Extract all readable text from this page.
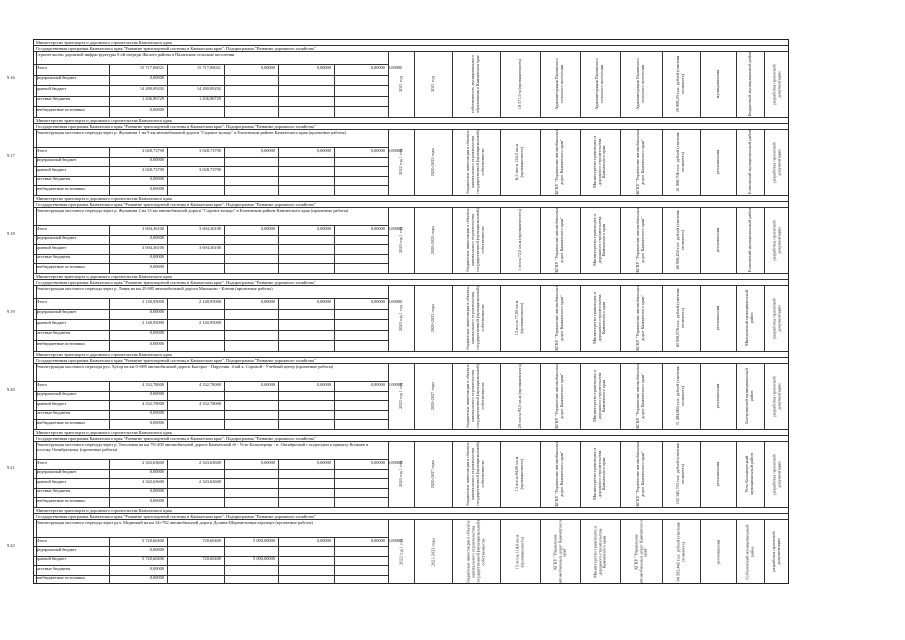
Министерство транспорта и дорожного строительства Камчатского края
Государственная программа Камчатского края "Развитие транспортной системы в Камчатском крае". Подпрограмма "Развитие дорожного хозяйства"
Строительство дорожной инфраструктуры 5-ой очереди Жилого района в Паланском сельском поселении
9.16
Итого	15 717,06021	15 717,06021	0,00000	0,00000	0,00000 0,00000
федеральный бюджет	0,00000
краевой бюджет	14 280,09292	14 280,09292
местные бюджеты	1 436,96729	1 436,96729
внебюджетные источники	0,00000
2021 год	2021 год	собственность муниципального образования в Камчатском крае	18 571,0 м (протяженность)	Администрация Паланского сельского поселения	Администрация Паланского сельского поселения	Администрация Паланского сельского поселения	29 908,29 тыс. рублей (сметная стоимость)	муниципальная	Бюджетный муниципальный район	разработка проектной документации
Министерство транспорта и дорожного строительства Камчатского края
Государственная программа Камчатского края "Развитие транспортной системы в Камчатском крае". Подпрограмма "Развитие дорожного хозяйства"
Реконструкция мостового перехода через р. Жупанова 1 на 9 км автомобильной дороги "Садовое кольцо" в Елизовском районе Камчатского края (проектные работы)
9.17
Итого	3 028,73790	3 028,73790	0,00000	0,00000	0,00000 0,00000
федеральный бюджет	0,00000
краевой бюджет	3 028,73790	3 028,73790
местные бюджеты	0,00000
внебюджетные источники	0,00000
2022 год 1 год	2020-2025 годы	бюджетные инвестиции в объекты капитального строительства государственной (муниципальной) собственности	6,5 пог.м 124,0 кв.м (протяженность)	КГКУ "Управление автомобильных дорог Камчатского края"	Министерство транспорта и дорожного строительства Камчатского края	КГКУ "Управление автомобильных дорог Камчатского края"	41 908,706 тыс. рублей (сметная стоимость)	региональная	Елизовский муниципальный район	разработка проектной документации
Министерство транспорта и дорожного строительства Камчатского края
Государственная программа Камчатского края "Развитие транспортной системы в Камчатском крае". Подпрограмма "Развитие дорожного хозяйства"
Реконструкция мостового перехода через р. Жупанова 2 на 13 км автомобильной дороги "Садовое кольцо" в Елизовском районе Камчатского края (проектные работы)
9.18
Итого	3 694,36100	3 694,36100	0,00000	0,00000	0,00000 0,00000
федеральный бюджет	0,00000
краевой бюджет	3 694,36100	3 694,36100
местные бюджеты	0,00000
внебюджетные источники	0,00000
2020 год 1 год	2020-2025 годы	бюджетные инвестиции в объекты капитального строительства государственной (муниципальной) собственности	1 пог.м 72,0 кв.м (протяженность)	КГКУ "Управление автомобильных дорог Камчатского края"	Министерство транспорта и дорожного строительства Камчатского края	КГКУ "Управление автомобильных дорог Камчатского края"	48 908,450 тыс. рублей (сметная стоимость)	региональная	Елизовский муниципальный район	разработка проектной документации
Министерство транспорта и дорожного строительства Камчатского края
Государственная программа Камчатского края "Развитие транспортной системы в Камчатском крае". Подпрограмма "Развитие дорожного хозяйства"
Реконструкция мостового перехода через р. Левая на км 29 685 автомобильной дороги Мильково - Ключи (проектные работы)
9.19
Итого	2 140,95000	2 140,95000	0,00000	0,00000	0,00000 0,00000
федеральный бюджет	0,00000
краевой бюджет	2 140,95000	2 140,95000
местные бюджеты	0,00000
внебюджетные источники	0,00000
2020 год 1 год	2020-2023 годы	бюджетные инвестиции в объекты капитального строительства государственной (муниципальной) собственности	13 пог.м 77,00 кв.м (протяженность)	КГКУ "Управление автомобильных дорог Камчатского края"	Министерство транспорта и дорожного строительства Камчатского края	КГКУ "Управление автомобильных дорог Камчатского края"	40 908,876 тыс. рублей (сметная стоимость)	региональная	Мильковский муниципальный район	разработка проектной документации
Министерство транспорта и дорожного строительства Камчатского края
Государственная программа Камчатского края "Развитие транспортной системы в Камчатском крае". Подпрограмма "Развитие дорожного хозяйства"
Реконструкция мостового перехода руч. Хутор на км 0+689 автомобильной дороги Быстрое - Парусник. 4-ый к. Соровой - Учебный центр (проектные работы)
9.20
Итого	4 332,78000	4 332,78000	0,00000	0,00000	0,00000 0,00000
федеральный бюджет	0,00000
краевой бюджет	4 332,78000	4 332,78000
местные бюджеты	0,00000
внебюджетные источники	0,00000
2022 год 1 год	2020-2027 годы	бюджетные инвестиции в объекты капитального строительства государственной (муниципальной) собственности	20 пог.м 95,0 кв.м (протяженность)	КГКУ "Управление автомобильных дорог Камчатского края"	Министерство транспорта и дорожного строительства Камчатского края	КГКУ "Управление автомобильных дорог Камчатского края"	31 484,865 тыс. рублей (сметная стоимость)	региональная	Быстринский муниципальный район	разработка проектной документации
Министерство транспорта и дорожного строительства Камчатского края
Государственная программа Камчатского края "Развитие транспортной системы в Камчатском крае". Подпрограмма "Развитие дорожного хозяйства"
Реконструкция мостового перехода через р. Тополевая на км 78+200 автомобильной дороги Камчатский зб - Усть-Большерецк - п. Октябрьский с подъездом к причалу Кочкаев и поселку Октябрьскому (проектные работы)
9.21
Итого	2 343,63600	2 343,63600	0,00000	0,00000	0,00000 0,00000
федеральный бюджет	0,00000
краевой бюджет	2 343,63600	2 343,63600
местные бюджеты	0,00000
внебюджетные источники	0,00000
2020 год 1 год	2020-2027 годы	бюджетные инвестиции в объекты капитального строительства государственной (муниципальной) собственности	13 пог.м 84,00 кв.м (протяженность)	КГКУ "Управление автомобильных дорог Камчатского края"	Министерство транспорта и дорожного строительства Камчатского края	КГКУ "Управление автомобильных дорог Камчатского края"	102 340,703 тыс. рублей (сметная стоимость)	региональная	Усть-Большерецкий муниципальный район	разработка проектной документации
Министерство транспорта и дорожного строительства Камчатского края
Государственная программа Камчатского края "Развитие транспортной системы в Камчатском крае". Подпрограмма "Развитие дорожного хозяйства"
Реконструкция мостового перехода через руч. Медвежий на км 34+782 автомобильной дороги Долина-Шереметьевка-аэропорт (проектные работы)
9.22
Итого	5 720,60400	720,60400	5 000,00000	0,00000	0,00000 0,00000
федеральный бюджет	0,00000
краевой бюджет	5 720,60400	720,60400	5 000,00000
местные бюджеты	0,00000
внебюджетные источники	0,00000
2022 год 1 год	2021-2023 годы	бюджетные инвестиции в объекты капитального строительства государственной (муниципальной) собственности	15 пог.м 114,0 кв.м (протяженность)	КГКУ "Управление автомобильных дорог Камчатского края"	Министерство транспорта и дорожного строительства Камчатского края	КГКУ "Управление автомобильных дорог Камчатского края"	94 593,442 тыс. рублей (сметная стоимость)	региональная	Соболевский муниципальный район	разработка проектной документации
